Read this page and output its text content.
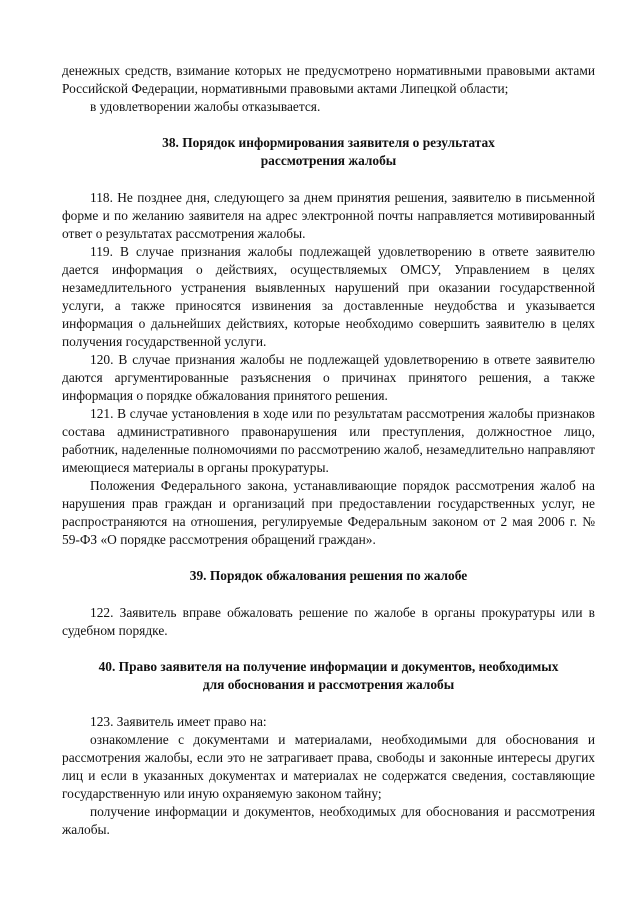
денежных средств, взимание которых не предусмотрено нормативными правовыми актами Российской Федерации, нормативными правовыми актами Липецкой области;

в удовлетворении жалобы отказывается.

38. Порядок информирования заявителя о результатах
рассмотрения жалобы

118. Не позднее дня, следующего за днем принятия решения, заявителю в письменной форме и по желанию заявителя на адрес электронной почты направляется мотивированный ответ о результатах рассмотрения жалобы.

119. В случае признания жалобы подлежащей удовлетворению в ответе заявителю дается информация о действиях, осуществляемых ОМСУ, Управлением в целях незамедлительного устранения выявленных нарушений при оказании государственной услуги, а также приносятся извинения за доставленные неудобства и указывается информация о дальнейших действиях, которые необходимо совершить заявителю в целях получения государственной услуги.

120. В случае признания жалобы не подлежащей удовлетворению в ответе заявителю даются аргументированные разъяснения о причинах принятого решения, а также информация о порядке обжалования принятого решения.

121. В случае установления в ходе или по результатам рассмотрения жалобы признаков состава административного правонарушения или преступления, должностное лицо, работник, наделенные полномочиями по рассмотрению жалоб, незамедлительно направляют имеющиеся материалы в органы прокуратуры.

Положения Федерального закона, устанавливающие порядок рассмотрения жалоб на нарушения прав граждан и организаций при предоставлении государственных услуг, не распространяются на отношения, регулируемые Федеральным законом от 2 мая 2006 г. № 59-ФЗ «О порядке рассмотрения обращений граждан».

39. Порядок обжалования решения по жалобе

122. Заявитель вправе обжаловать решение по жалобе в органы прокуратуры или в судебном порядке.

40. Право заявителя на получение информации и документов, необходимых
для обоснования и рассмотрения жалобы

123. Заявитель имеет право на:

ознакомление с документами и материалами, необходимыми для обоснования и рассмотрения жалобы, если это не затрагивает права, свободы и законные интересы других лиц и если в указанных документах и материалах не содержатся сведения, составляющие государственную или иную охраняемую законом тайну;

получение информации и документов, необходимых для обоснования и рассмотрения жалобы.
